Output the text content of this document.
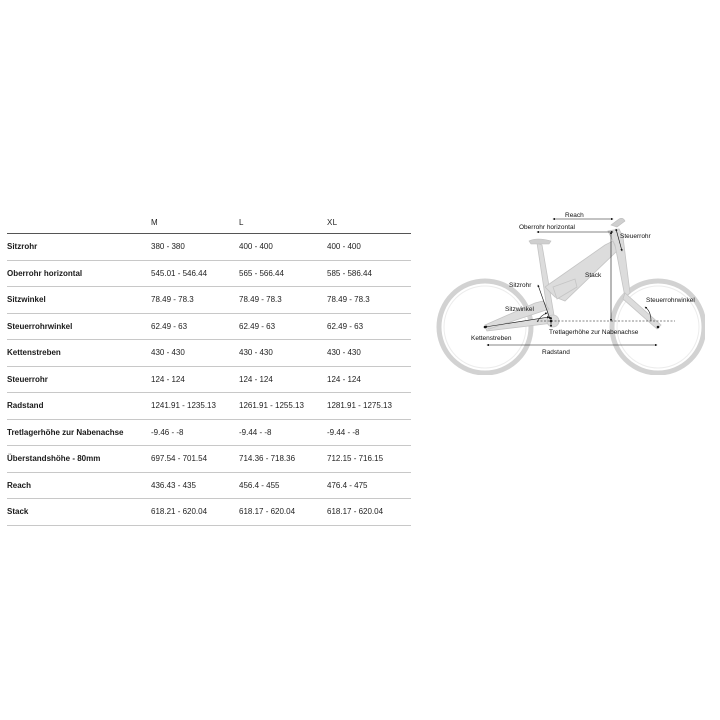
	M	L	XL
Sitzrohr	380 - 380	400 - 400	400 - 400
Oberrohr horizontal	545.01 - 546.44	565 - 566.44	585 - 586.44
Sitzwinkel	78.49 - 78.3	78.49 - 78.3	78.49 - 78.3
Steuerrohrwinkel	62.49 - 63	62.49 - 63	62.49 - 63
Kettenstreben	430 - 430	430 - 430	430 - 430
Steuerrohr	124 - 124	124 - 124	124 - 124
Radstand	1241.91 - 1235.13	1261.91 - 1255.13	1281.91 - 1275.13
Tretlagerhöhe zur Nabenachse	-9.46 - -8	-9.44 - -8	-9.44 - -8
Überstandshöhe - 80mm	697.54 - 701.54	714.36 - 718.36	712.15 - 716.15
Reach	436.43 - 435	456.4 - 455	476.4 - 475
Stack	618.21 - 620.04	618.17 - 620.04	618.17 - 620.04
Reach
Oberrohr horizontal
Steuerrohr
Stack
Sitzrohr
Sitzwinkel
Steuerrohrwinkel
Kettenstreben
Tretlagerhöhe zur Nabenachse
Radstand
